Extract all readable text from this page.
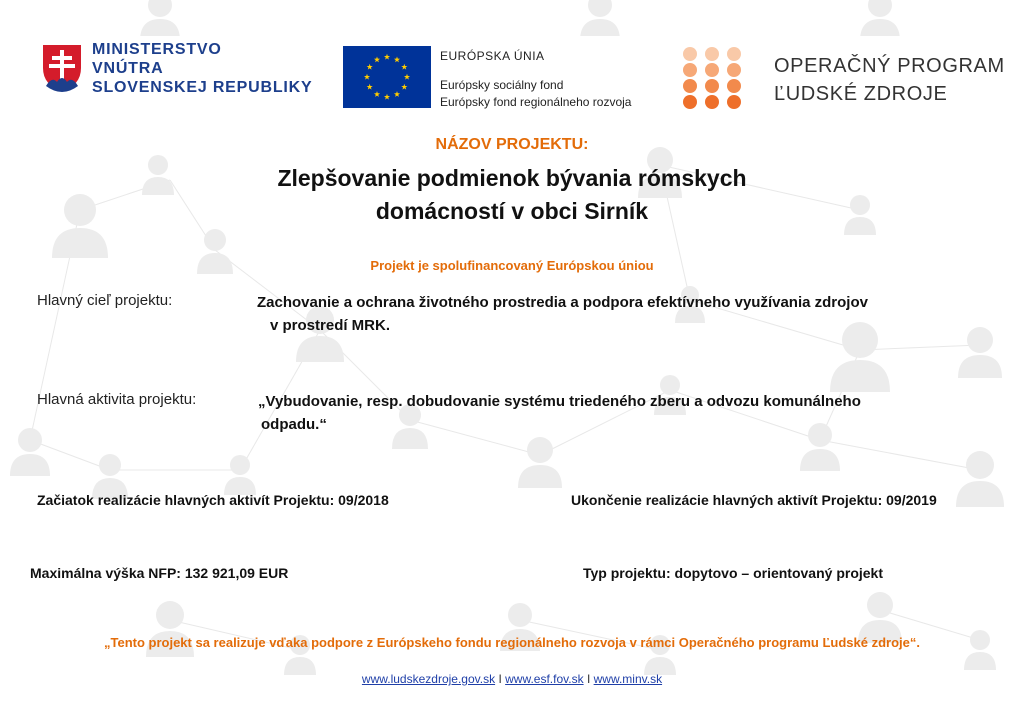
MINISTERSTVO
VNÚTRA
SLOVENSKEJ REPUBLIKY
EURÓPSKA ÚNIA
Európsky sociálny fond
Európsky fond regionálneho rozvoja
OPERAČNÝ PROGRAM
ĽUDSKÉ ZDROJE
NÁZOV PROJEKTU:
Zlepšovanie podmienok bývania rómskych
domácností v obci Sirník
Projekt je spolufinancovaný Európskou úniou
Hlavný cieľ projektu:	Zachovanie a ochrana životného prostredia a podpora efektívneho využívania zdrojov
v prostredí MRK.
Hlavná aktivita projektu:	„Vybudovanie, resp. dobudovanie systému triedeného zberu a odvozu komunálneho
odpadu.“
Začiatok realizácie hlavných aktivít Projektu: 09/2018	Ukončenie realizácie hlavných aktivít Projektu: 09/2019
Maximálna výška NFP: 132 921,09 EUR	Typ projektu: dopytovo – orientovaný projekt
„Tento projekt sa realizuje vďaka podpore z Európskeho fondu regionálneho rozvoja v rámci Operačného programu Ľudské zdroje“.
www.ludskezdroje.gov.sk I www.esf.fov.sk I www.minv.sk
